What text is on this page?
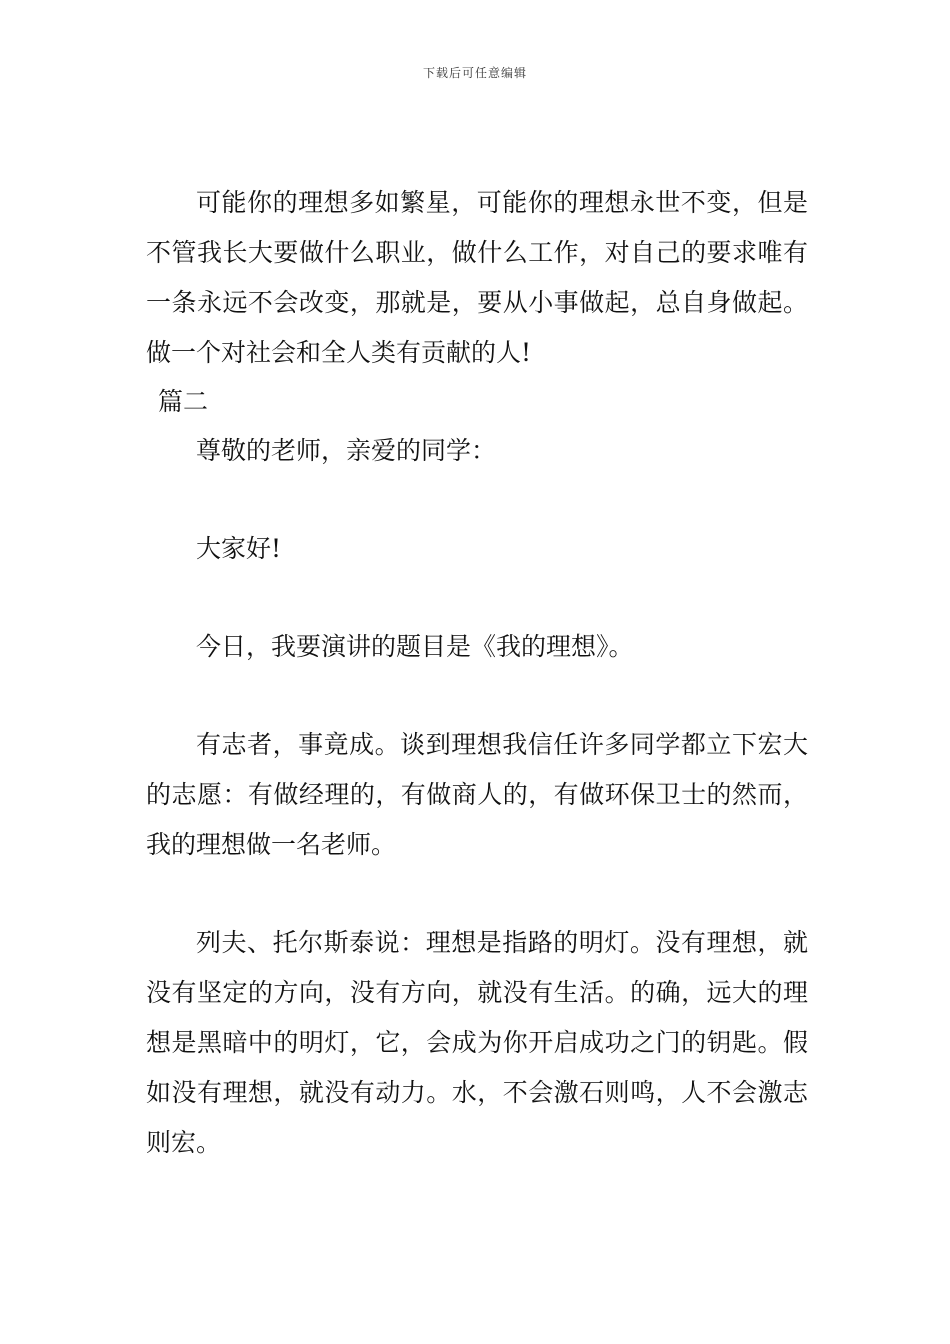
下载后可任意编辑

可能你的理想多如繁星，可能你的理想永世不变，但是不管我长大要做什么职业，做什么工作，对自己的要求唯有一条永远不会改变，那就是，要从小事做起，总自身做起。做一个对社会和全人类有贡献的人!

篇二

尊敬的老师，亲爱的同学：

大家好!

今日，我要演讲的题目是《我的理想》。

有志者，事竟成。谈到理想我信任许多同学都立下宏大的志愿：有做经理的，有做商人的，有做环保卫士的然而，我的理想做一名老师。

列夫、托尔斯泰说：理想是指路的明灯。没有理想，就没有坚定的方向，没有方向，就没有生活。的确，远大的理想是黑暗中的明灯，它，会成为你开启成功之门的钥匙。假如没有理想，就没有动力。水，不会激石则鸣，人不会激志则宏。
